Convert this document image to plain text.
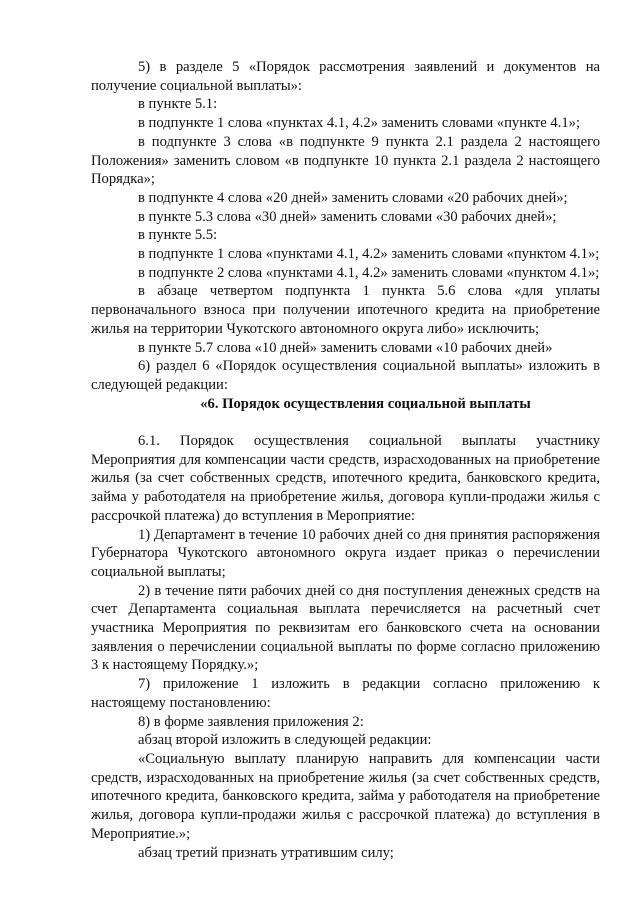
5) в разделе 5 «Порядок рассмотрения заявлений и документов на получение социальной выплаты»:

в пункте 5.1:

в подпункте 1 слова «пунктах 4.1, 4.2» заменить словами «пункте 4.1»;

в подпункте 3 слова «в подпункте 9 пункта 2.1 раздела 2 настоящего Положения» заменить словом «в подпункте 10 пункта 2.1 раздела 2 настоящего Порядка»;

в подпункте 4 слова «20 дней» заменить словами «20 рабочих дней»;

в пункте 5.3 слова «30 дней» заменить словами «30 рабочих дней»;

в пункте 5.5:

в подпункте 1 слова «пунктами 4.1, 4.2» заменить словами «пунктом 4.1»;

в подпункте 2 слова «пунктами 4.1, 4.2» заменить словами «пунктом 4.1»;

в абзаце четвертом подпункта 1 пункта 5.6 слова «для уплаты первоначального взноса при получении ипотечного кредита на приобретение жилья на территории Чукотского автономного округа либо» исключить;

в пункте 5.7 слова «10 дней» заменить словами «10 рабочих дней»

6) раздел 6 «Порядок осуществления социальной выплаты» изложить в следующей редакции:

«6. Порядок осуществления социальной выплаты

6.1. Порядок осуществления социальной выплаты участнику Мероприятия для компенсации части средств, израсходованных на приобретение жилья (за счет собственных средств, ипотечного кредита, банковского кредита, займа у работодателя на приобретение жилья, договора купли-продажи жилья с рассрочкой платежа) до вступления в Мероприятие:

1) Департамент в течение 10 рабочих дней со дня принятия распоряжения Губернатора Чукотского автономного округа издает приказ о перечислении социальной выплаты;

2) в течение пяти рабочих дней со дня поступления денежных средств на счет Департамента социальная выплата перечисляется на расчетный счет участника Мероприятия по реквизитам его банковского счета на основании заявления о перечислении социальной выплаты по форме согласно приложению 3 к настоящему Порядку.»;

7) приложение 1 изложить в редакции согласно приложению к настоящему постановлению:

8) в форме заявления приложения 2:

абзац второй изложить в следующей редакции:

«Социальную выплату планирую направить для компенсации части средств, израсходованных на приобретение жилья (за счет собственных средств, ипотечного кредита, банковского кредита, займа у работодателя на приобретение жилья, договора купли-продажи жилья с рассрочкой платежа) до вступления в Мероприятие.»;

абзац третий признать утратившим силу;
